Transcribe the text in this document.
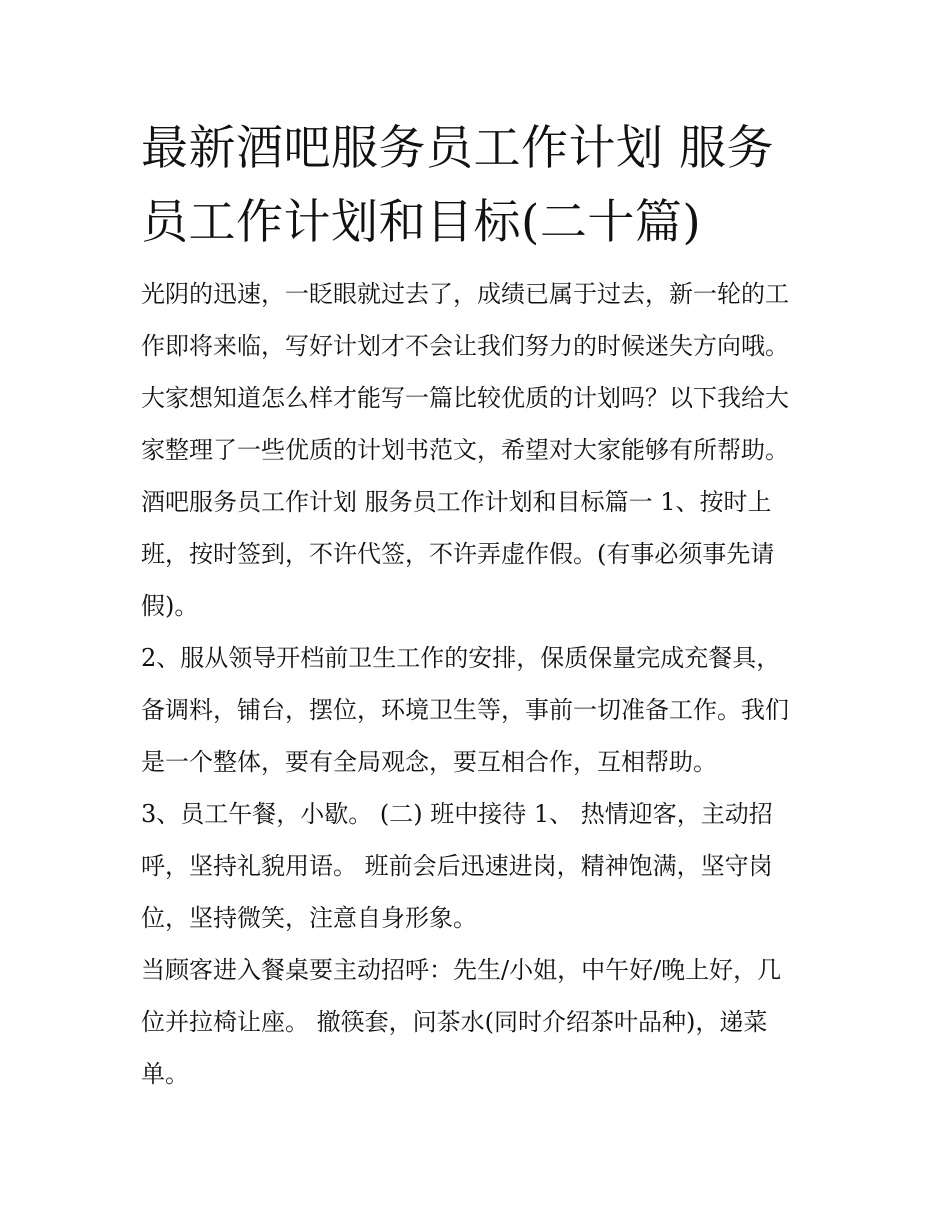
最新酒吧服务员工作计划 服务
员工作计划和目标(二十篇)

光阴的迅速，一眨眼就过去了，成绩已属于过去，新一轮的工
作即将来临，写好计划才不会让我们努力的时候迷失方向哦。
大家想知道怎么样才能写一篇比较优质的计划吗？以下我给大
家整理了一些优质的计划书范文，希望对大家能够有所帮助。
酒吧服务员工作计划 服务员工作计划和目标篇一 1、按时上
班，按时签到，不许代签，不许弄虚作假。(有事必须事先请
假)。

2、服从领导开档前卫生工作的安排，保质保量完成充餐具，
备调料，铺台，摆位，环境卫生等，事前一切准备工作。我们
是一个整体，要有全局观念，要互相合作，互相帮助。

3、员工午餐，小歇。 (二) 班中接待 1、 热情迎客，主动招
呼，坚持礼貌用语。 班前会后迅速进岗，精神饱满，坚守岗
位，坚持微笑，注意自身形象。

当顾客进入餐桌要主动招呼：先生/小姐，中午好/晚上好，几
位并拉椅让座。 撤筷套，问茶水(同时介绍茶叶品种)，递菜
单。
